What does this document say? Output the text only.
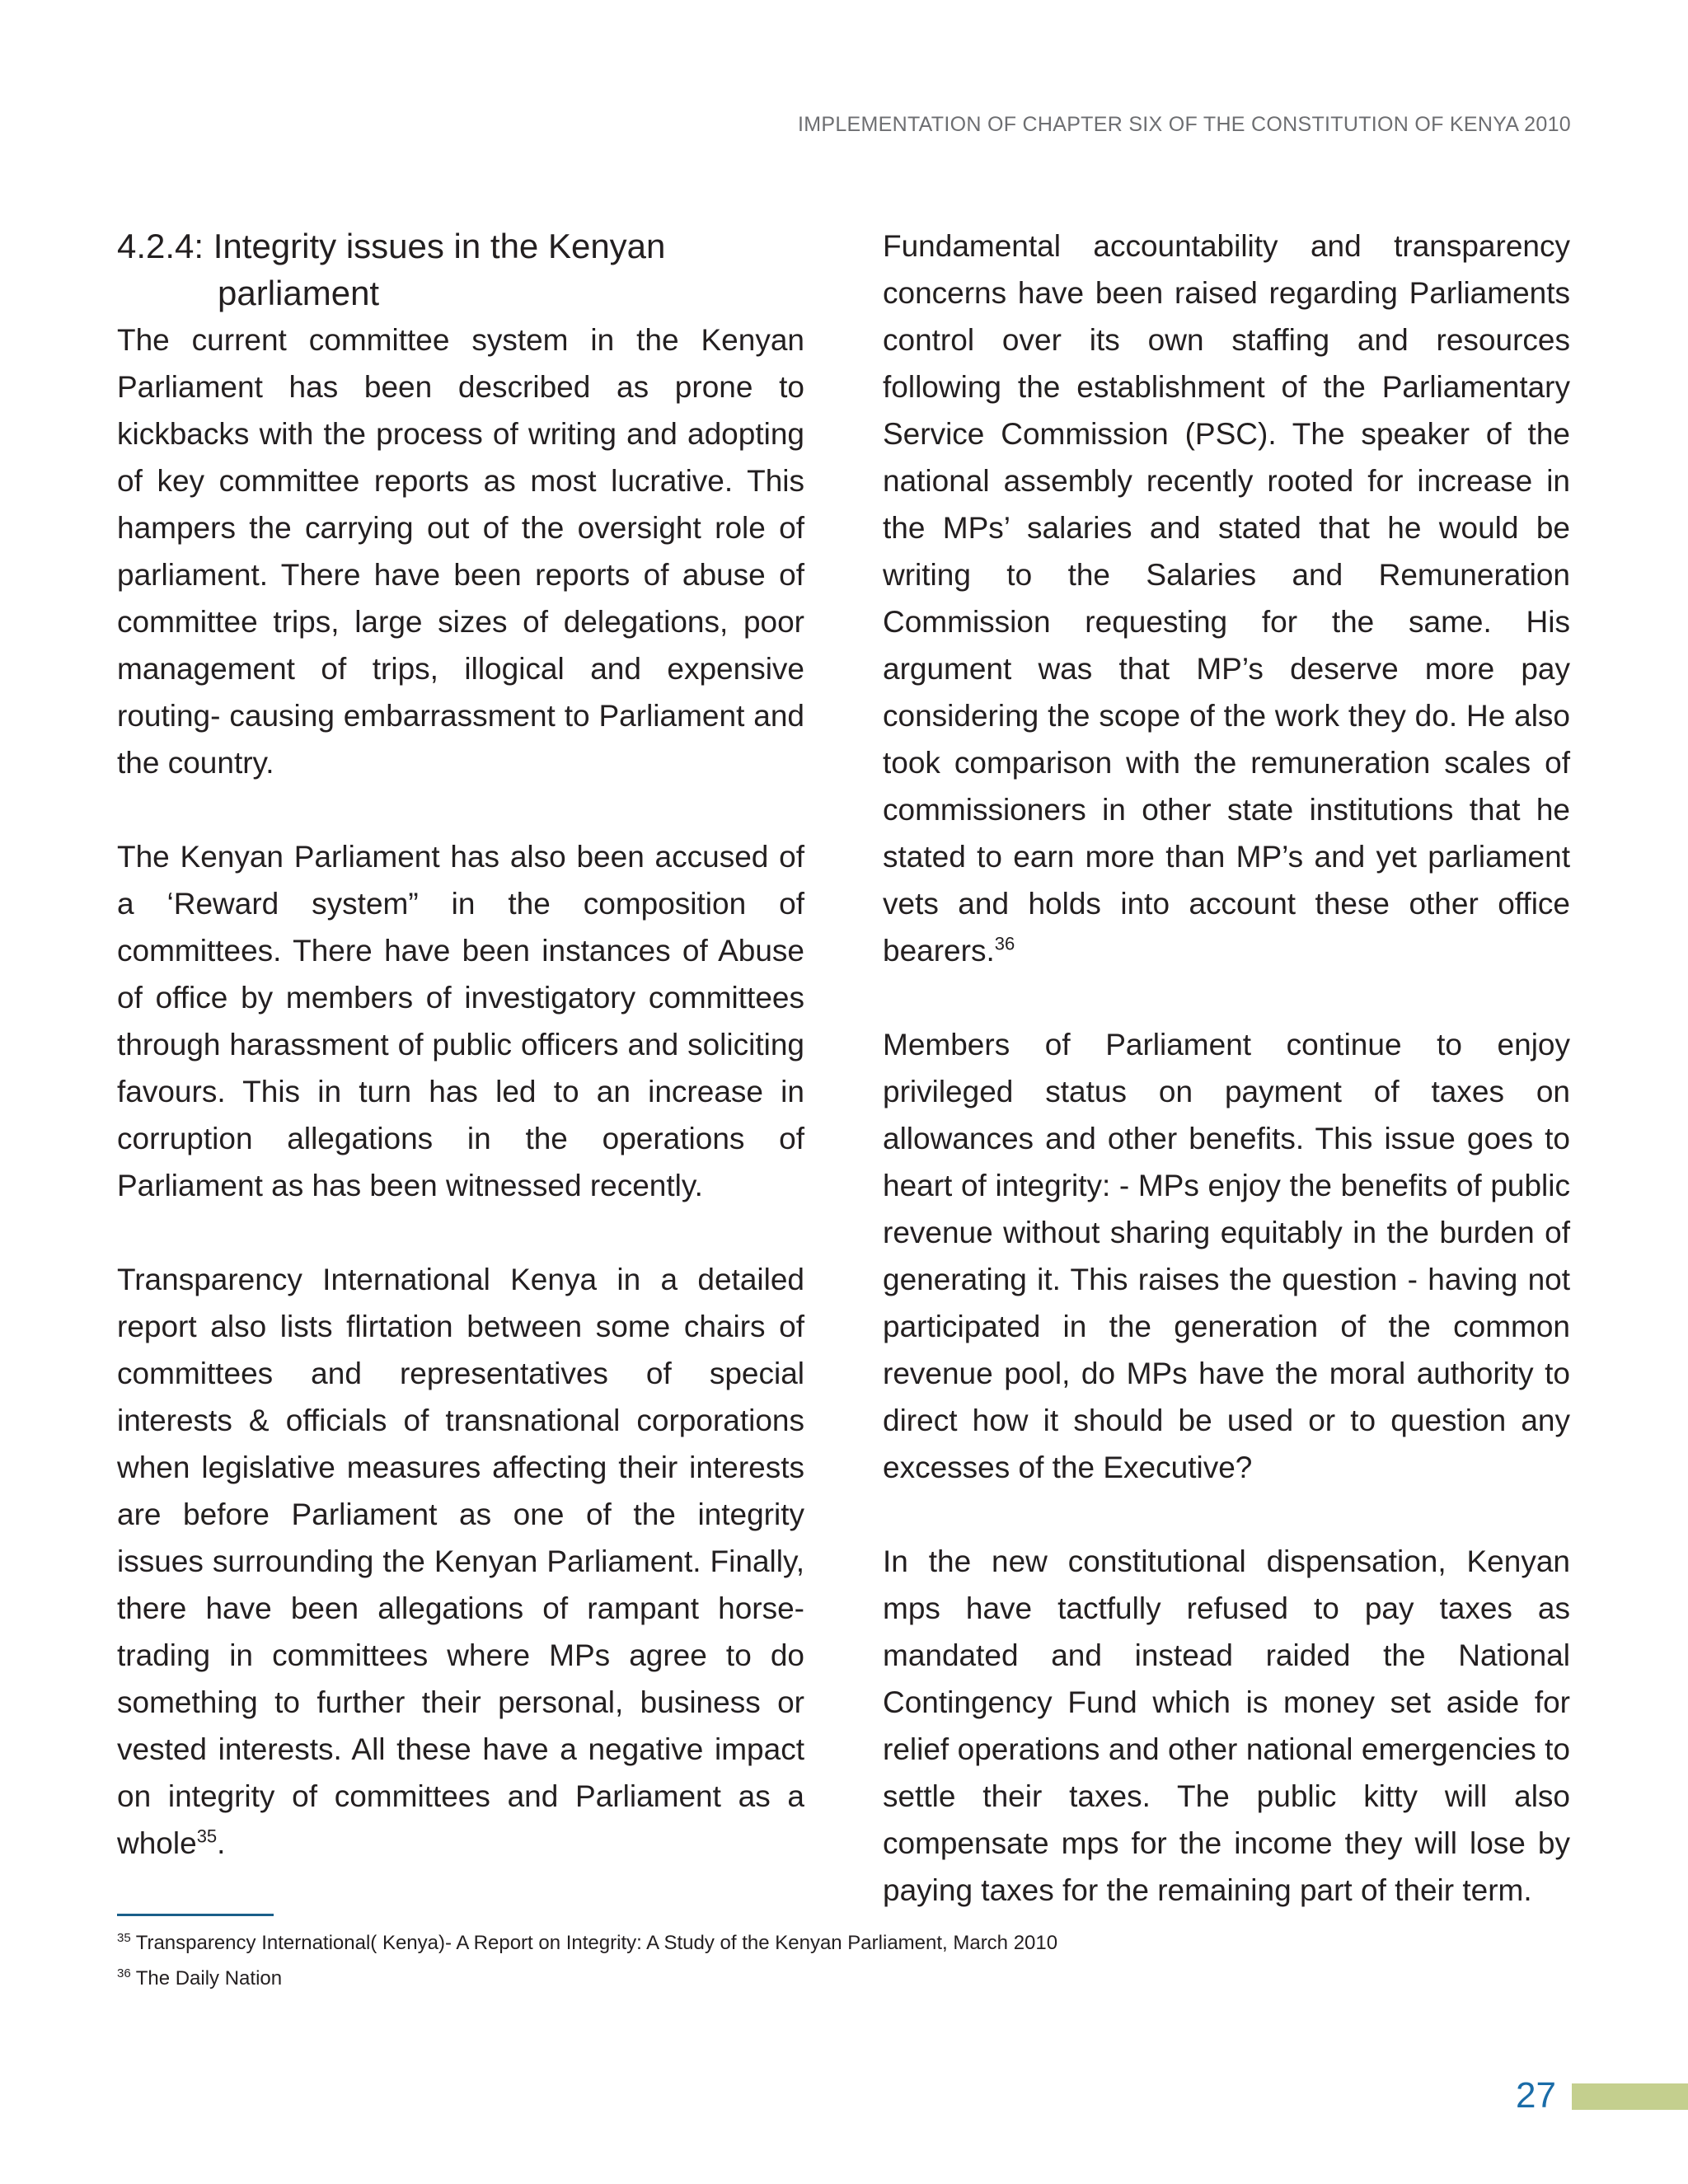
IMPLEMENTATION OF CHAPTER SIX OF THE CONSTITUTION OF KENYA 2010
4.2.4: Integrity issues in the Kenyan
parliament

The current committee system in the Kenyan Parliament has been described as prone to kickbacks with the process of writing and adopting of key committee reports as most lucrative. This hampers the carrying out of the oversight role of parliament. There have been reports of abuse of committee trips, large sizes of delegations, poor management of trips, illogical and expensive routing- causing embarrassment to Parliament and the country.

The Kenyan Parliament has also been accused of a ‘Reward system” in the composition of committees. There have been instances of Abuse of office by members of investigatory committees through harassment of public officers and soliciting favours. This in turn has led to an increase in corruption allegations in the operations of Parliament as has been witnessed recently.

Transparency International Kenya in a detailed report also lists flirtation between some chairs of committees and representatives of special interests & officials of transnational corporations when legislative measures affecting their interests are before Parliament as one of the integrity issues surrounding the Kenyan Parliament. Finally, there have been allegations of rampant horse-trading in committees where MPs agree to do something to further their personal, business or vested interests. All these have a negative impact on integrity of committees and Parliament as a whole$^{35}$.

Fundamental accountability and transparency concerns have been raised regarding Parliaments control over its own staffing and resources following the establishment of the Parliamentary Service Commission (PSC). The speaker of the national assembly recently rooted for increase in the MPs’ salaries and stated that he would be writing to the Salaries and Remuneration Commission requesting for the same. His argument was that MP’s deserve more pay considering the scope of the work they do. He also took comparison with the remuneration scales of commissioners in other state institutions that he stated to earn more than MP’s and yet parliament vets and holds into account these other office bearers.$^{36}$

Members of Parliament continue to enjoy privileged status on payment of taxes on allowances and other benefits. This issue goes to heart of integrity: - MPs enjoy the benefits of public revenue without sharing equitably in the burden of generating it. This raises the question - having not participated in the generation of the common revenue pool, do MPs have the moral authority to direct how it should be used or to question any excesses of the Executive?

In the new constitutional dispensation, Kenyan mps have tactfully refused to pay taxes as mandated and instead raided the National Contingency Fund which is money set aside for relief operations and other national emergencies to settle their taxes. The public kitty will also compensate mps for the income they will lose by paying taxes for the remaining part of their term.

$^{35}$ Transparency International( Kenya)- A Report on Integrity: A Study of the Kenyan Parliament, March 2010
$^{36}$ The Daily Nation
27
